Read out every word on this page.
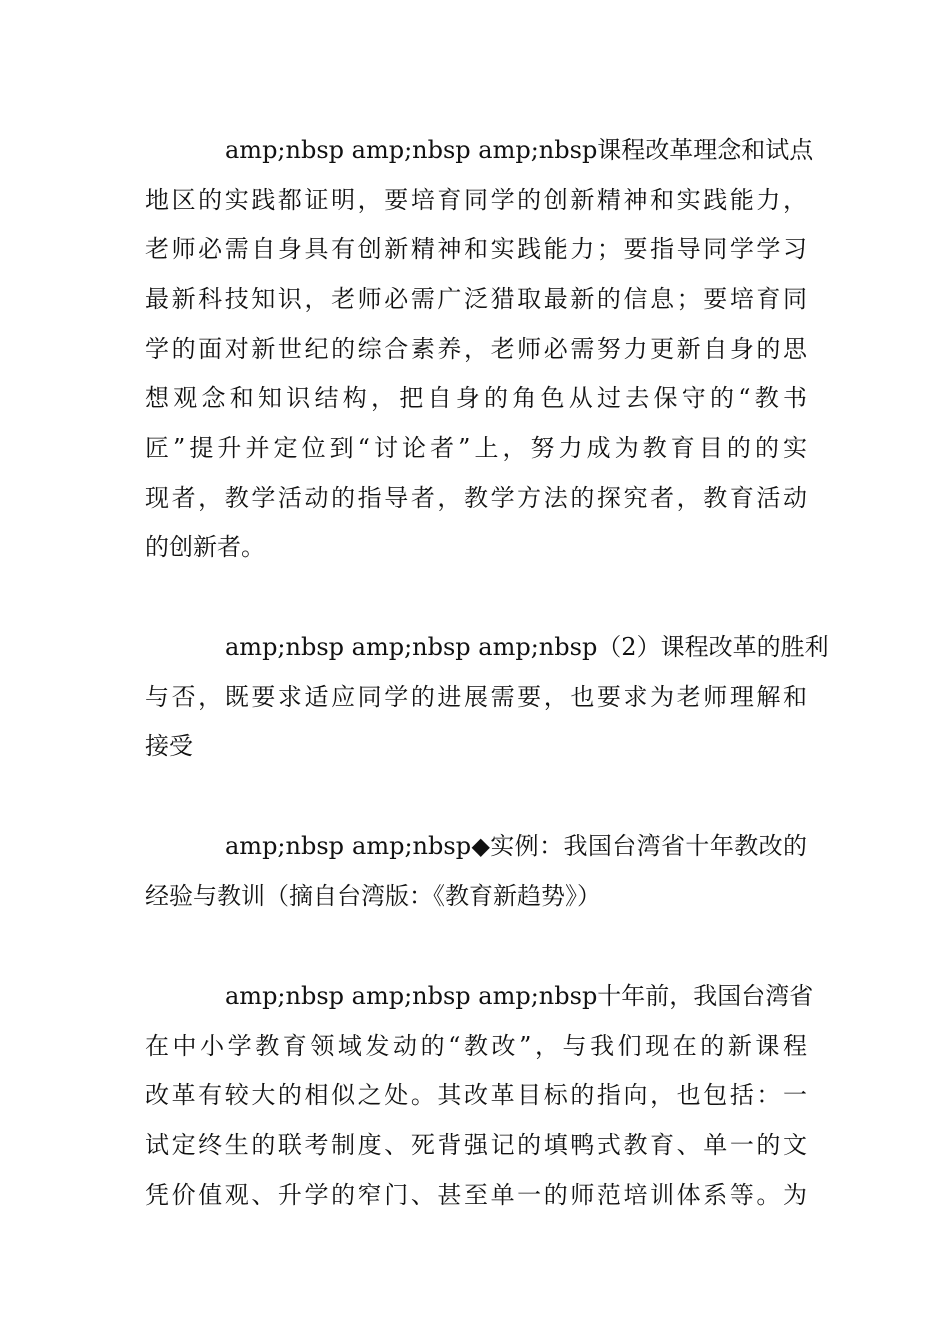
amp;nbsp amp;nbsp amp;nbsp课程改革理念和试点
地区的实践都证明，要培育同学的创新精神和实践能力，
老师必需自身具有创新精神和实践能力；要指导同学学习
最新科技知识，老师必需广泛猎取最新的信息；要培育同
学的面对新世纪的综合素养，老师必需努力更新自身的思
想观念和知识结构，把自身的角色从过去保守的“教书
匠”提升并定位到“讨论者”上，努力成为教育目的的实
现者，教学活动的指导者，教学方法的探究者，教育活动
的创新者。
amp;nbsp amp;nbsp amp;nbsp（2）课程改革的胜利
与否，既要求适应同学的进展需要，也要求为老师理解和
接受
amp;nbsp amp;nbsp◆实例：我国台湾省十年教改的
经验与教训（摘自台湾版：《教育新趋势》）
amp;nbsp amp;nbsp amp;nbsp十年前，我国台湾省
在中小学教育领域发动的“教改”，与我们现在的新课程
改革有较大的相似之处。其改革目标的指向，也包括：一
试定终生的联考制度、死背强记的填鸭式教育、单一的文
凭价值观、升学的窄门、甚至单一的师范培训体系等。为
